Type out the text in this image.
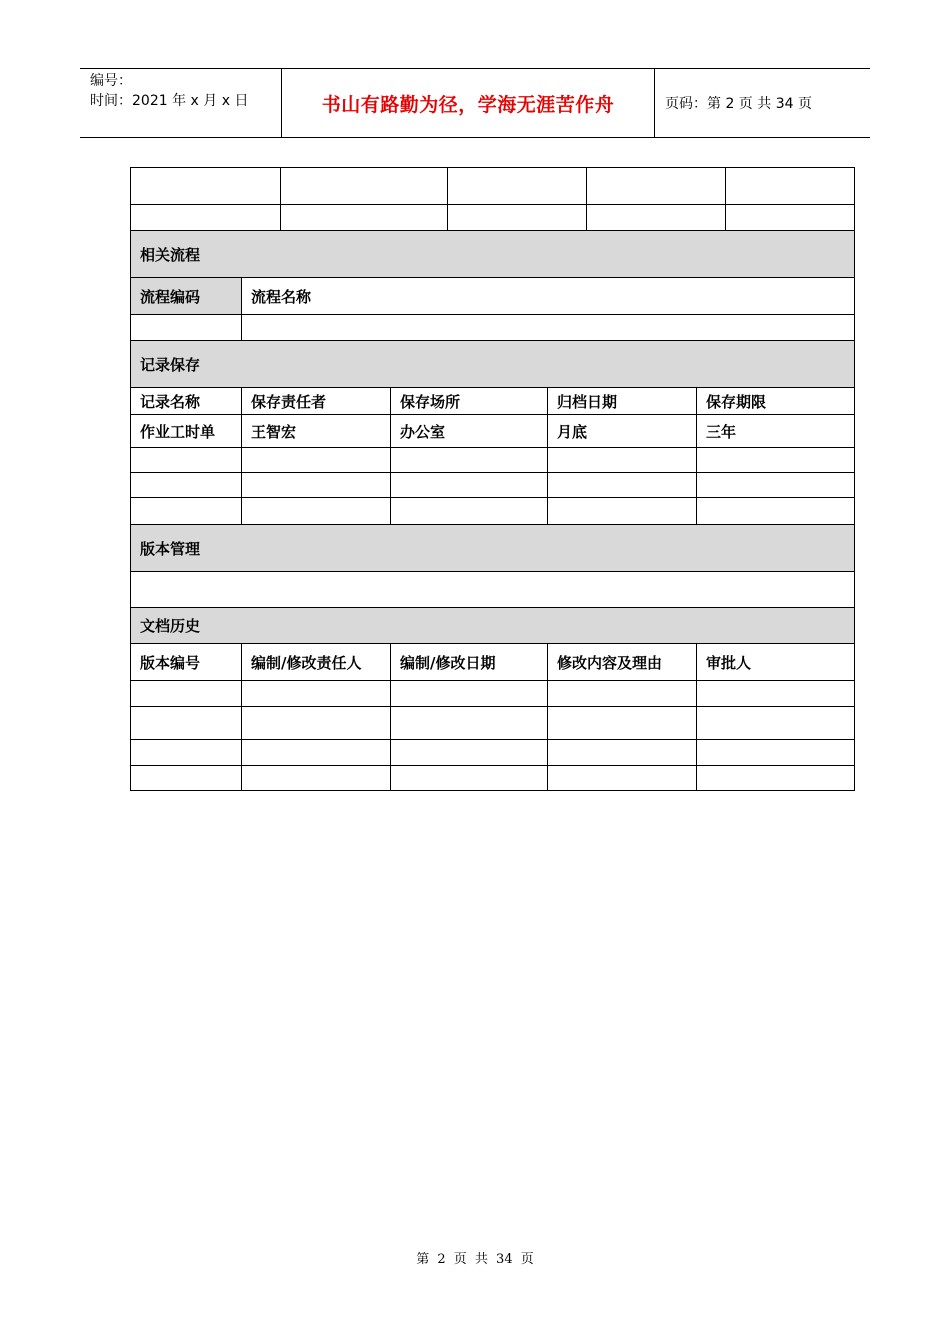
编号：
时间：2021 年 x 月 x 日	书山有路勤为径，学海无涯苦作舟	页码：第 2 页 共 34 页
相关流程
流程编码	流程名称
记录保存
记录名称	保存责任者	保存场所	归档日期	保存期限
作业工时单	王智宏	办公室	月底	三年
版本管理
文档历史
版本编号	编制/修改责任人	编制/修改日期	修改内容及理由	审批人
第 2 页 共 34 页
